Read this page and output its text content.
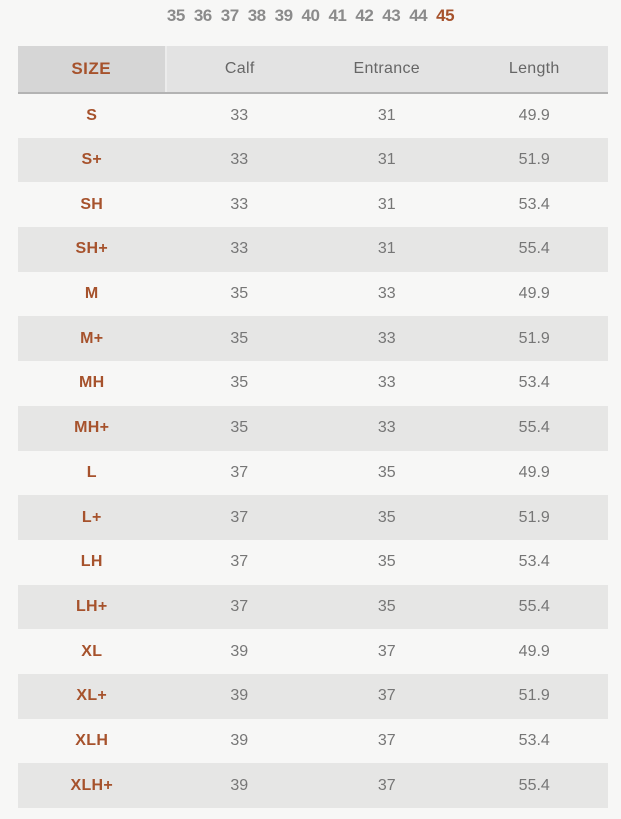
35 36 37 38 39 40 41 42 43 44 45
SIZE	Calf	Entrance	Length
S	33	31	49.9
S+	33	31	51.9
SH	33	31	53.4
SH+	33	31	55.4
M	35	33	49.9
M+	35	33	51.9
MH	35	33	53.4
MH+	35	33	55.4
L	37	35	49.9
L+	37	35	51.9
LH	37	35	53.4
LH+	37	35	55.4
XL	39	37	49.9
XL+	39	37	51.9
XLH	39	37	53.4
XLH+	39	37	55.4
